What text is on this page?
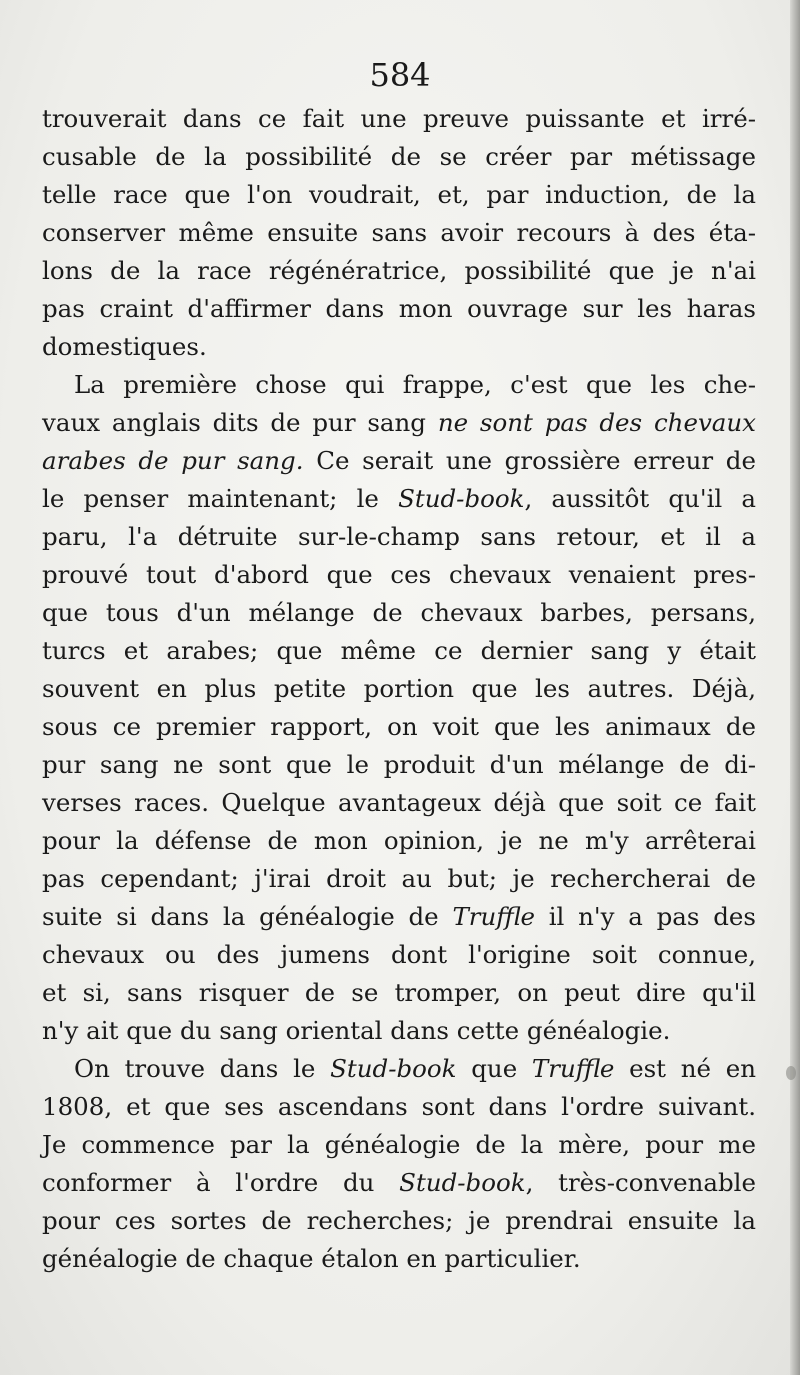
584
trouverait dans ce fait une preuve puissante et irré-
cusable de la possibilité de se créer par métissage
telle race que l'on voudrait, et, par induction, de la
conserver même ensuite sans avoir recours à des éta-
lons de la race régénératrice, possibilité que je n'ai
pas craint d'affirmer dans mon ouvrage sur les haras
domestiques.
La première chose qui frappe, c'est que les che-
vaux anglais dits de pur sang ne sont pas des chevaux
arabes de pur sang. Ce serait une grossière erreur de
le penser maintenant; le Stud-book, aussitôt qu'il a
paru, l'a détruite sur-le-champ sans retour, et il a
prouvé tout d'abord que ces chevaux venaient pres-
que tous d'un mélange de chevaux barbes, persans,
turcs et arabes; que même ce dernier sang y était
souvent en plus petite portion que les autres. Déjà,
sous ce premier rapport, on voit que les animaux de
pur sang ne sont que le produit d'un mélange de di-
verses races. Quelque avantageux déjà que soit ce fait
pour la défense de mon opinion, je ne m'y arrêterai
pas cependant; j'irai droit au but; je rechercherai de
suite si dans la généalogie de Truffle il n'y a pas des
chevaux ou des jumens dont l'origine soit connue,
et si, sans risquer de se tromper, on peut dire qu'il
n'y ait que du sang oriental dans cette généalogie.
On trouve dans le Stud-book que Truffle est né en
1808, et que ses ascendans sont dans l'ordre suivant.
Je commence par la généalogie de la mère, pour me
conformer à l'ordre du Stud-book, très-convenable
pour ces sortes de recherches; je prendrai ensuite la
généalogie de chaque étalon en particulier.
